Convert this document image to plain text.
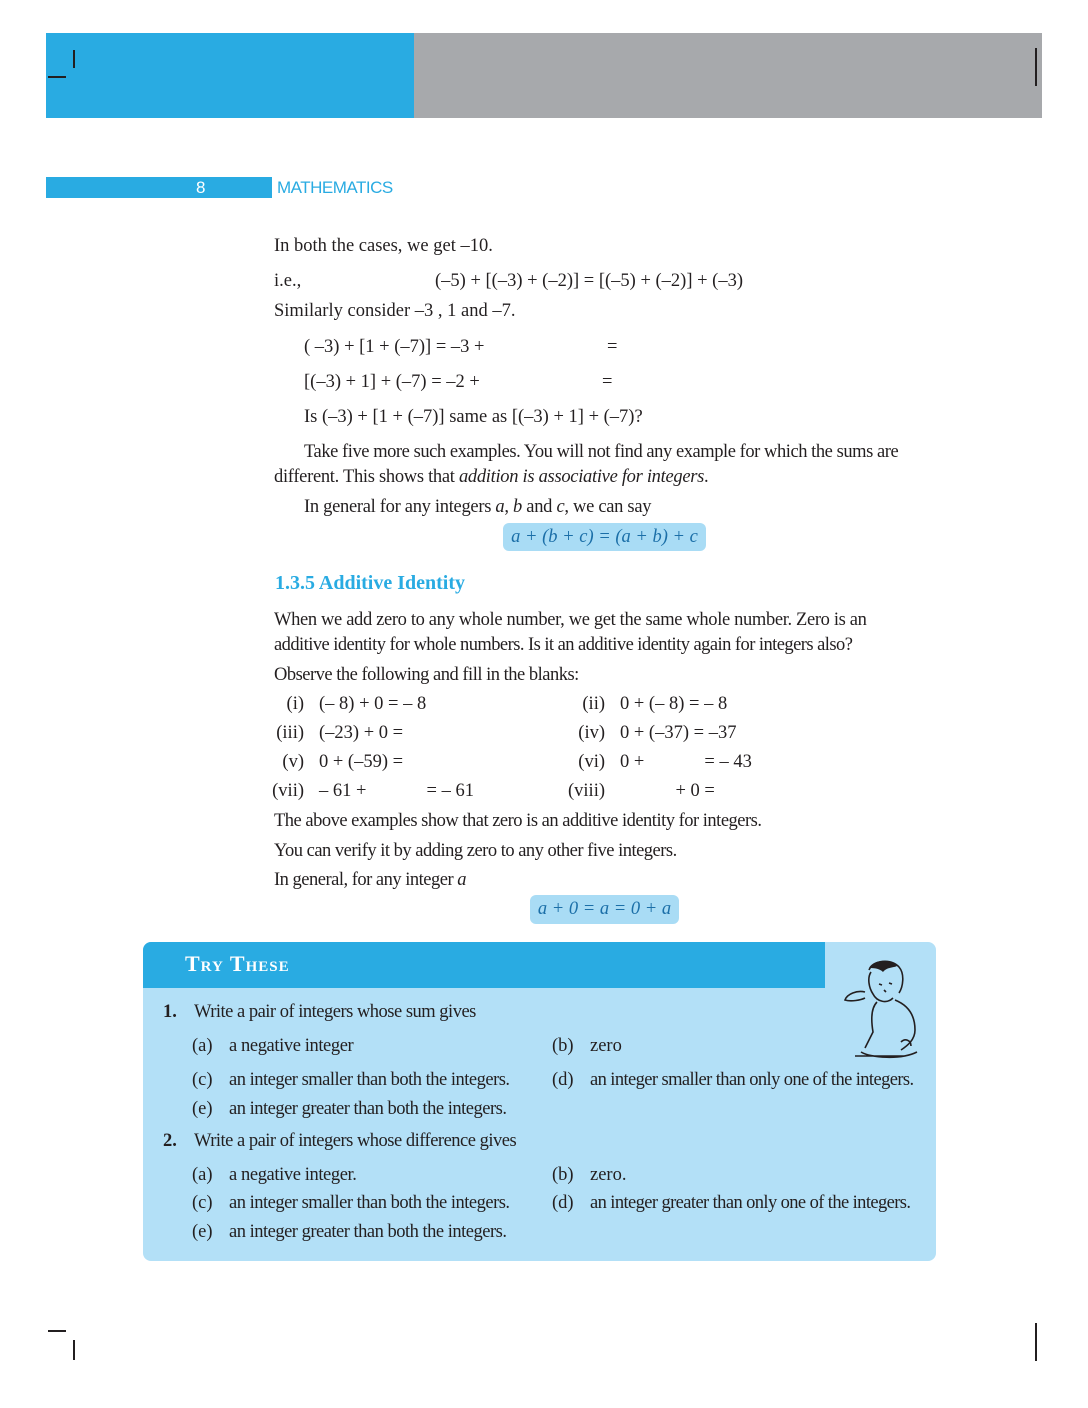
8	MATHEMATICS
In both the cases, we get –10.
i.e.,	(–5) + [(–3) + (–2)] = [(–5) + (–2)] + (–3)
Similarly consider –3 , 1 and –7.
( –3) + [1 + (–7)] = –3 +	=
[(–3) + 1] + (–7) = –2 +	=
Is (–3) + [1 + (–7)] same as [(–3) + 1] + (–7)?
Take five more such examples. You will not find any example for which the sums are
different. This shows that addition is associative for integers.
In general for any integers a, b and c, we can say
a + (b + c) = (a + b) + c
1.3.5 Additive Identity
When we add zero to any whole number, we get the same whole number. Zero is an
additive identity for whole numbers. Is it an additive identity again for integers also?
Observe the following and fill in the blanks:
(i) (– 8) + 0 = – 8	(ii) 0 + (– 8) = – 8
(iii) (–23) + 0 =	(iv) 0 + (–37) = –37
(v) 0 + (–59) =	(vi) 0 +             = – 43
(vii) – 61 +             = – 61	(viii)            + 0 =
The above examples show that zero is an additive identity for integers.
You can verify it by adding zero to any other five integers.
In general, for any integer a
a + 0 = a = 0 + a
Try These
1. Write a pair of integers whose sum gives
(a) a negative integer	(b) zero
(c) an integer smaller than both the integers. (d) an integer smaller than only one of the integers.
(e) an integer greater than both the integers.
2. Write a pair of integers whose difference gives
(a) a negative integer.	(b) zero.
(c) an integer smaller than both the integers. (d) an integer greater than only one of the integers.
(e) an integer greater than both the integers.
